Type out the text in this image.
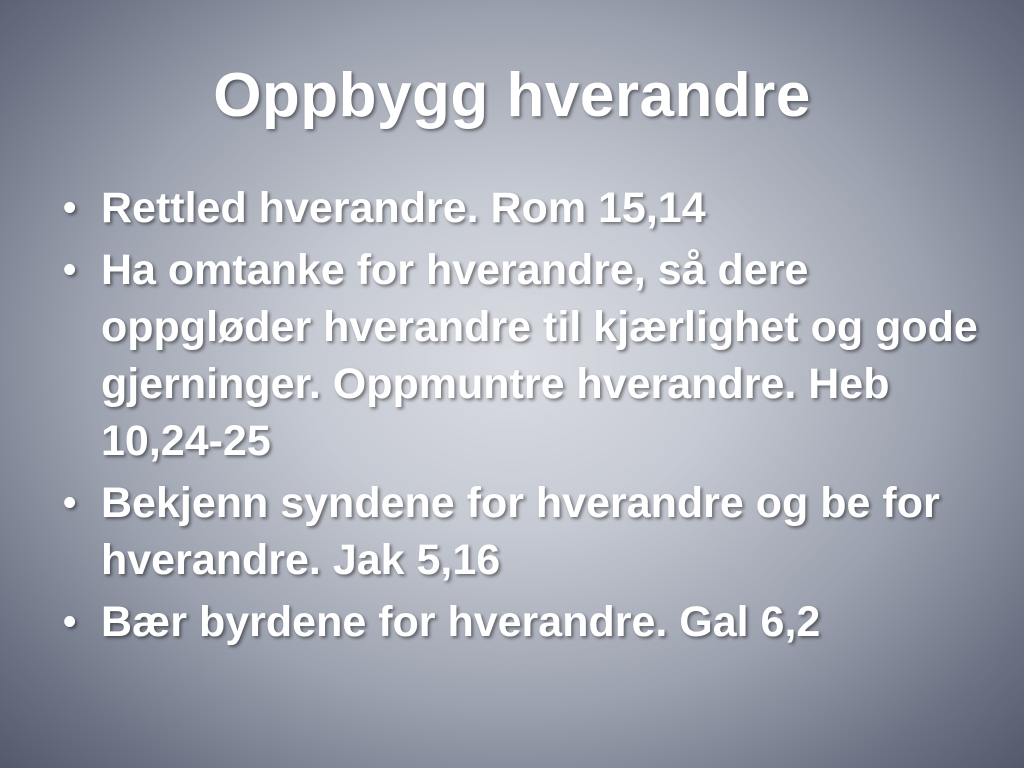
Oppbygg hverandre
• Rettled hverandre. Rom 15,14
• Ha omtanke for hverandre, så dere oppgløder hverandre til kjærlighet og gode gjerninger. Oppmuntre hverandre. Heb 10,24-25
• Bekjenn syndene for hverandre og be for hverandre. Jak 5,16
• Bær byrdene for hverandre. Gal 6,2
